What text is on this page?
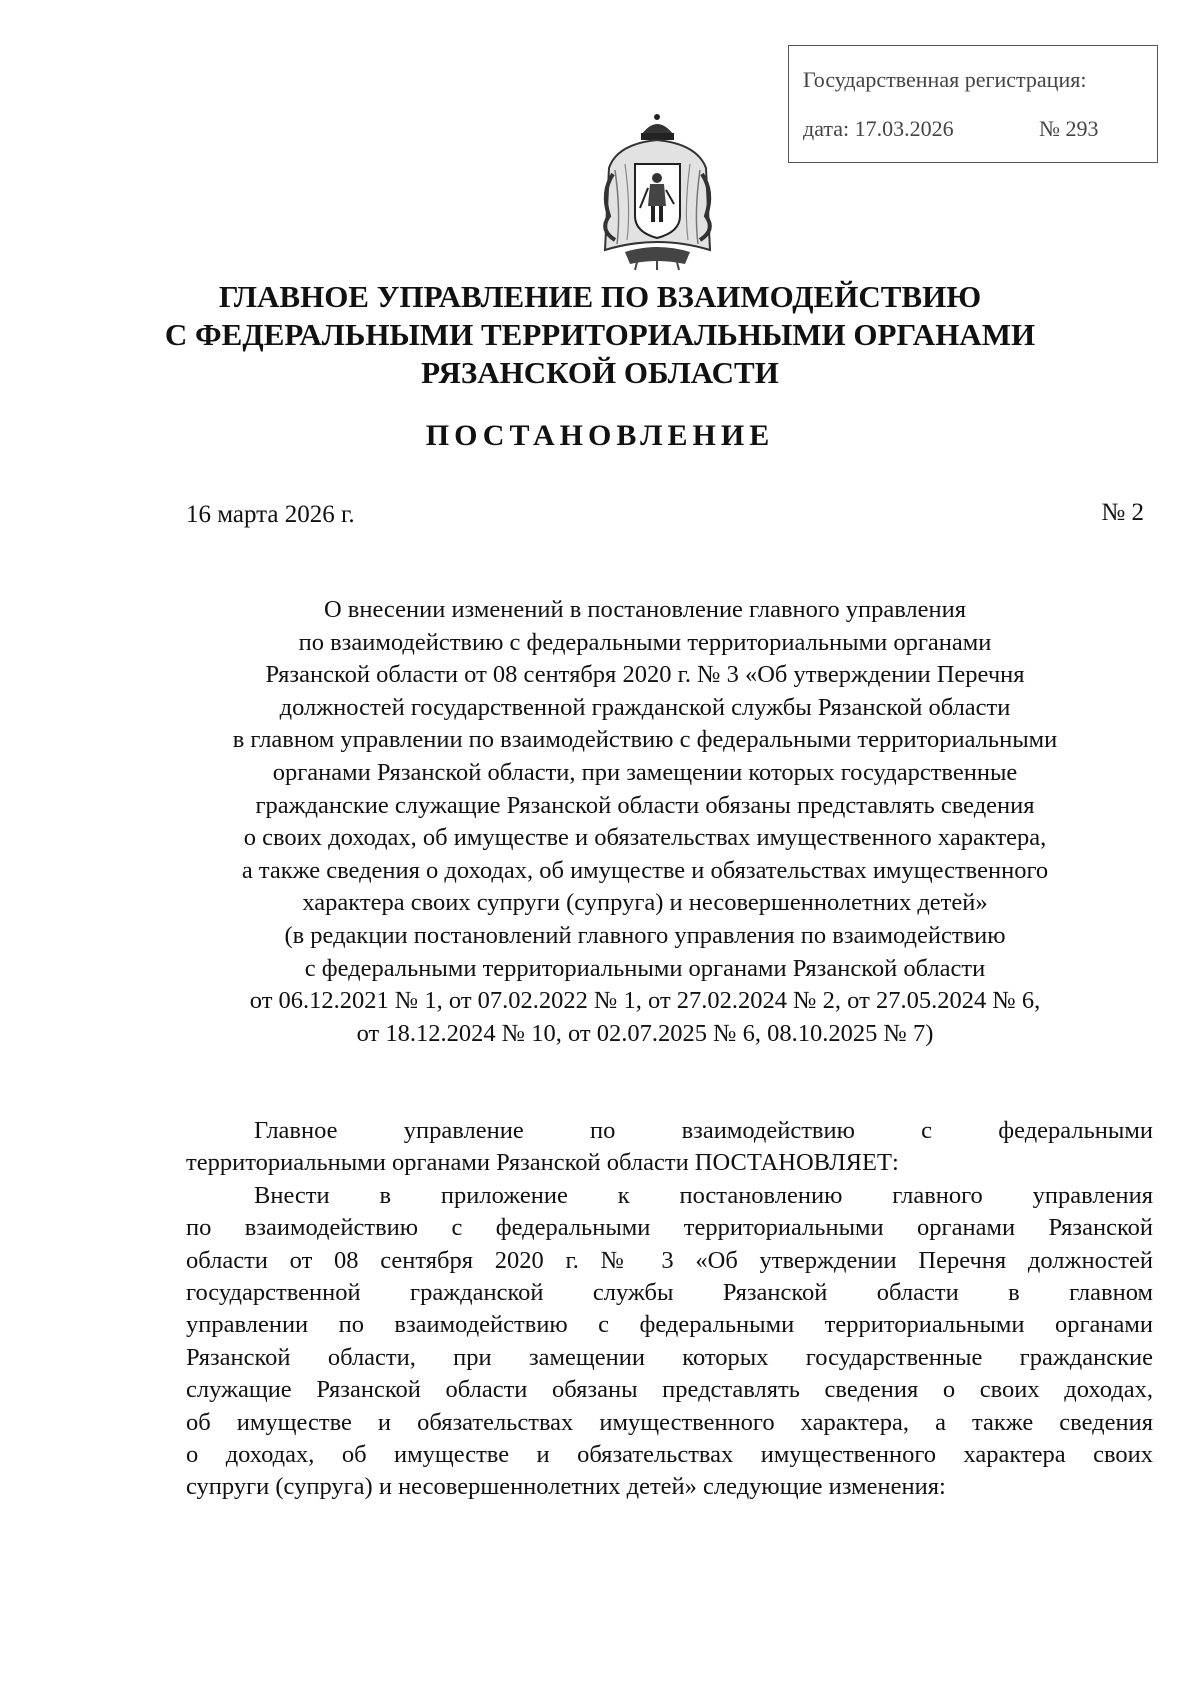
Государственная регистрация:
дата: 17.03.2026	№ 293
ГЛАВНОЕ УПРАВЛЕНИЕ ПО ВЗАИМОДЕЙСТВИЮ
С ФЕДЕРАЛЬНЫМИ ТЕРРИТОРИАЛЬНЫМИ ОРГАНАМИ
РЯЗАНСКОЙ ОБЛАСТИ
ПОСТАНОВЛЕНИЕ
16 марта 2026 г.	№ 2
О внесении изменений в постановление главного управления
по взаимодействию с федеральными территориальными органами
Рязанской области от 08 сентября 2020 г. № 3 «Об утверждении Перечня
должностей государственной гражданской службы Рязанской области
в главном управлении по взаимодействию с федеральными территориальными
органами Рязанской области, при замещении которых государственные
гражданские служащие Рязанской области обязаны представлять сведения
о своих доходах, об имуществе и обязательствах имущественного характера,
а также сведения о доходах, об имуществе и обязательствах имущественного
характера своих супруги (супруга) и несовершеннолетних детей»
(в редакции постановлений главного управления по взаимодействию
с федеральными территориальными органами Рязанской области
от 06.12.2021 № 1, от 07.02.2022 № 1, от 27.02.2024 № 2, от 27.05.2024 № 6,
от 18.12.2024 № 10, от 02.07.2025 № 6, 08.10.2025 № 7)
Главное управление по взаимодействию с федеральными
территориальными органами Рязанской области ПОСТАНОВЛЯЕТ:
Внести в приложение к постановлению главного управления
по взаимодействию с федеральными территориальными органами Рязанской
области от 08 сентября 2020 г. № 3 «Об утверждении Перечня должностей
государственной гражданской службы Рязанской области в главном
управлении по взаимодействию с федеральными территориальными органами
Рязанской области, при замещении которых государственные гражданские
служащие Рязанской области обязаны представлять сведения о своих доходах,
об имуществе и обязательствах имущественного характера, а также сведения
о доходах, об имуществе и обязательствах имущественного характера своих
супруги (супруга) и несовершеннолетних детей» следующие изменения:
